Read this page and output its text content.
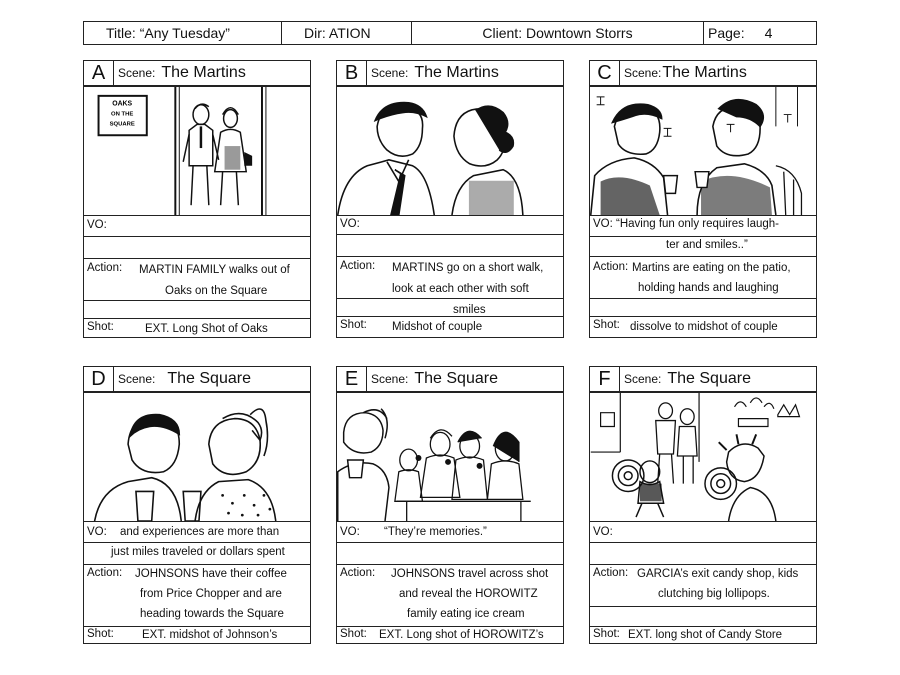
Title: “Any Tuesday”	Dir: ATION	Client: Downtown Storrs	Page: 4
A	Scene: The Martins
OAKS
ON THE
SQUARE
VO:
Action: MARTIN FAMILY walks out of
Oaks on the Square
Shot:	EXT. Long Shot of Oaks
B	Scene: The Martins
VO:
Action: MARTINS go on a short walk,
look at each other with soft
smiles
Shot: Midshot of couple
C	Scene: The Martins
VO: “Having fun only requires laugh-
ter and smiles..”
Action: Martins are eating on the patio,
holding hands and laughing
Shot: dissolve to midshot of couple
D	Scene: The Square
VO: and experiences are more than
just miles traveled or dollars spent
Action: JOHNSONS have their coffee
from Price Chopper and are
heading towards the Square
Shot: EXT. midshot of Johnson’s
E	Scene: The Square
VO: “They’re memories.”
Action: JOHNSONS travel across shot
and reveal the HOROWITZ
family eating ice cream
Shot: EXT. Long shot of HOROWITZ’s
F	Scene: The Square
VO:
Action: GARCIA’s exit candy shop, kids
clutching big lollipops.
Shot: EXT. long shot of Candy Store
